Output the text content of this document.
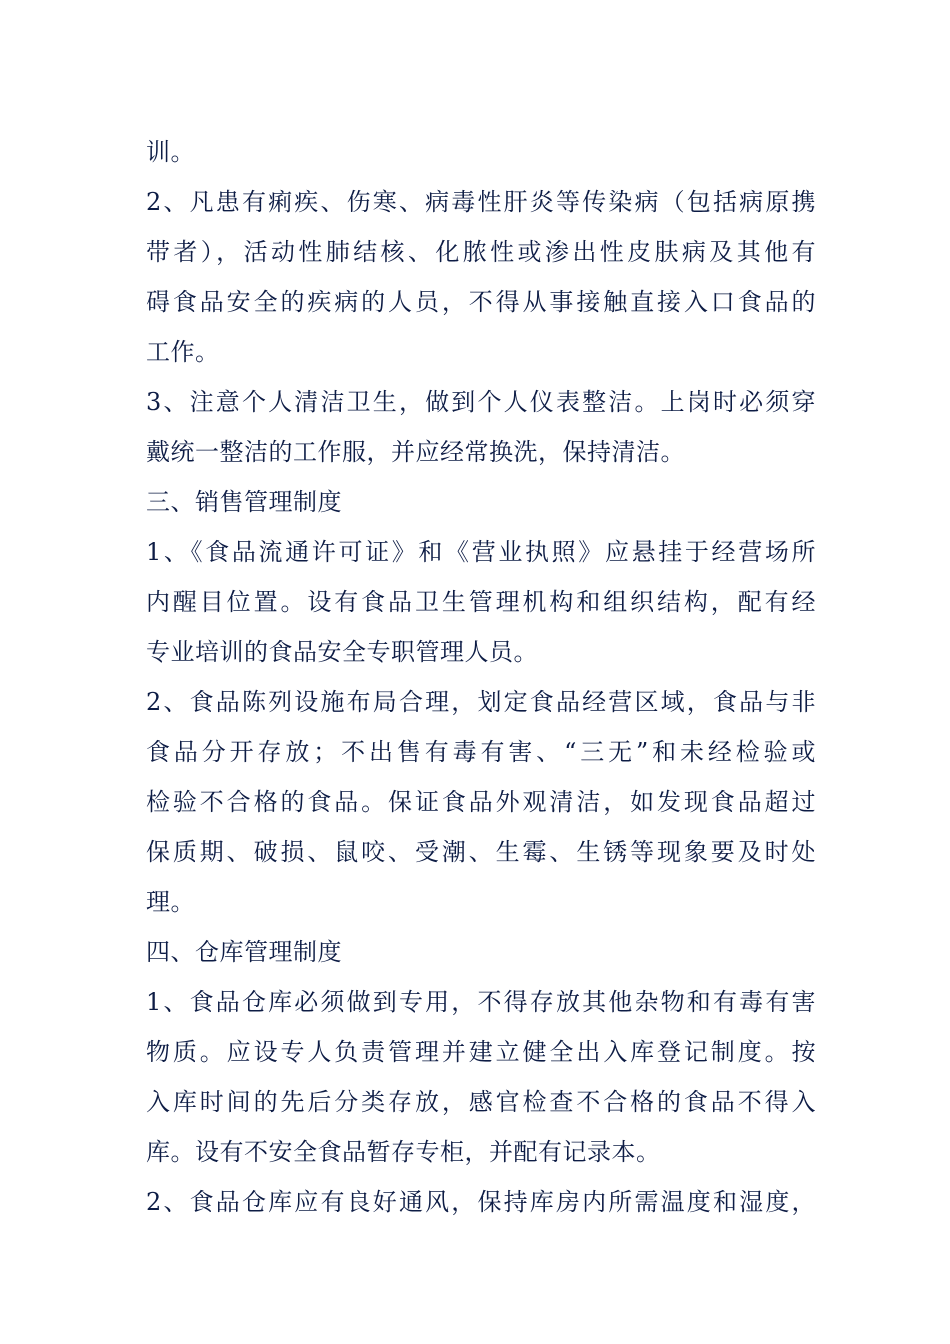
训。
2、凡患有痢疾、伤寒、病毒性肝炎等传染病（包括病原携
带者），活动性肺结核、化脓性或渗出性皮肤病及其他有
碍食品安全的疾病的人员，不得从事接触直接入口食品的
工作。
3、注意个人清洁卫生，做到个人仪表整洁。上岗时必须穿
戴统一整洁的工作服，并应经常换洗，保持清洁。
三、销售管理制度
1、《食品流通许可证》和《营业执照》应悬挂于经营场所
内醒目位置。设有食品卫生管理机构和组织结构，配有经
专业培训的食品安全专职管理人员。
2、食品陈列设施布局合理，划定食品经营区域，食品与非
食品分开存放；不出售有毒有害、“三无”和未经检验或
检验不合格的食品。保证食品外观清洁，如发现食品超过
保质期、破损、鼠咬、受潮、生霉、生锈等现象要及时处
理。
四、仓库管理制度
1、食品仓库必须做到专用，不得存放其他杂物和有毒有害
物质。应设专人负责管理并建立健全出入库登记制度。按
入库时间的先后分类存放，感官检查不合格的食品不得入
库。设有不安全食品暂存专柜，并配有记录本。
2、食品仓库应有良好通风，保持库房内所需温度和湿度，
